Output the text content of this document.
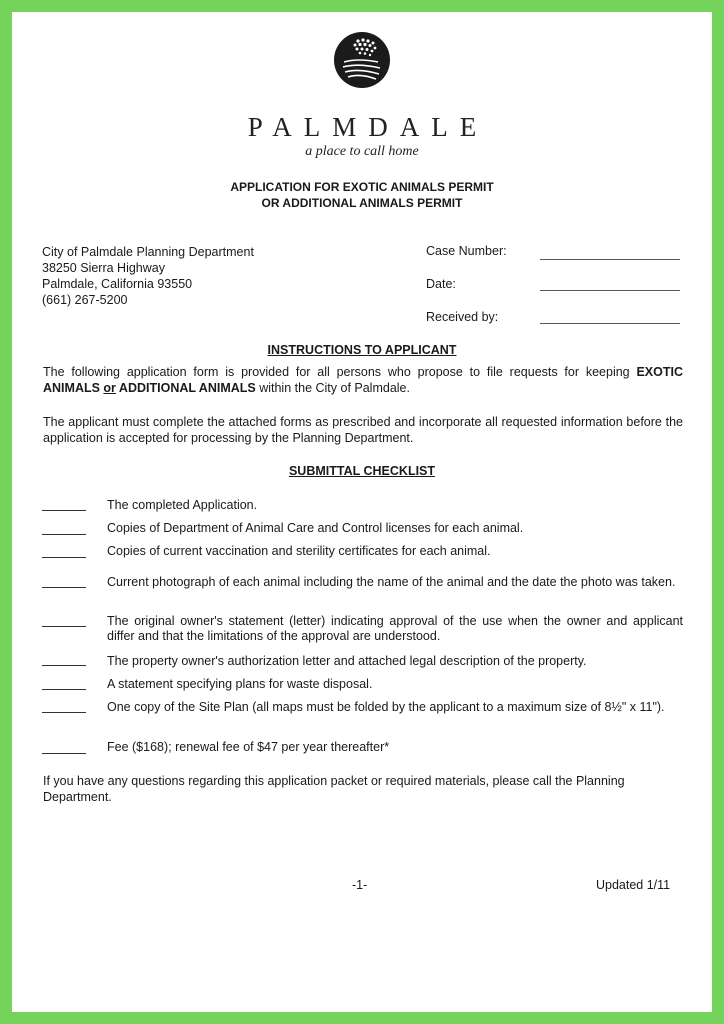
PALMDALE
a place to call home
APPLICATION FOR EXOTIC ANIMALS PERMIT
OR ADDITIONAL ANIMALS PERMIT
City of Palmdale Planning Department
38250 Sierra Highway
Palmdale, California 93550
(661) 267-5200
Case Number:
Date:
Received by:
INSTRUCTIONS TO APPLICANT
The following application form is provided for all persons who propose to file requests for keeping EXOTIC ANIMALS or ADDITIONAL ANIMALS within the City of Palmdale.
The applicant must complete the attached forms as prescribed and incorporate all requested information before the application is accepted for processing by the Planning Department.
SUBMITTAL CHECKLIST
The completed Application.
Copies of Department of Animal Care and Control licenses for each animal.
Copies of current vaccination and sterility certificates for each animal.
Current photograph of each animal including the name of the animal and the date the photo was taken.
The original owner's statement (letter) indicating approval of the use when the owner and applicant differ and that the limitations of the approval are understood.
The property owner's authorization letter and attached legal description of the property.
A statement specifying plans for waste disposal.
One copy of the Site Plan (all maps must be folded by the applicant to a maximum size of 8½" x 11").
Fee ($168); renewal fee of $47 per year thereafter*
If you have any questions regarding this application packet or required materials, please call the Planning Department.
-1-	Updated 1/11
